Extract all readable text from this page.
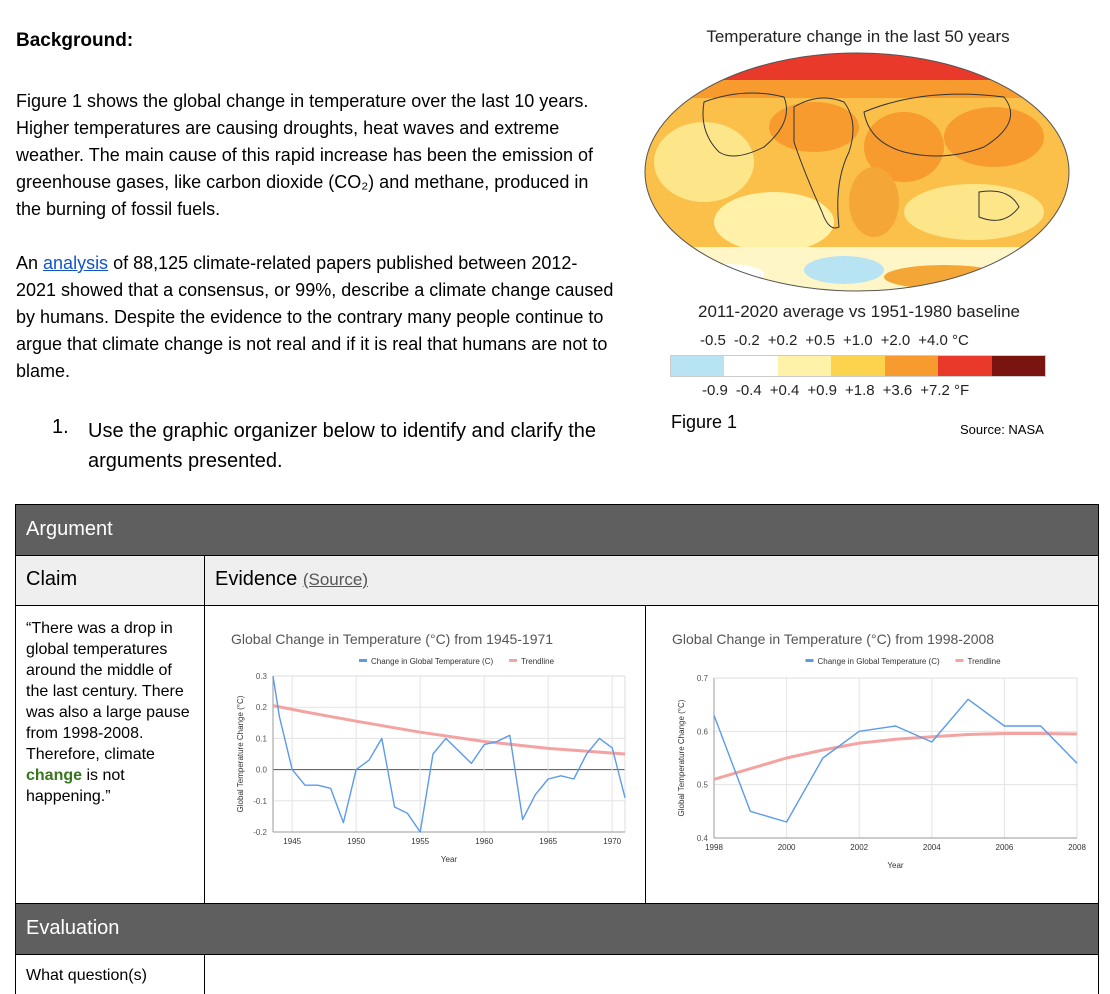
Background:
Figure 1 shows the global change in temperature over the last 10 years. Higher temperatures are causing droughts, heat waves and extreme weather. The main cause of this rapid increase has been the emission of greenhouse gases, like carbon dioxide (CO₂) and methane, produced in the burning of fossil fuels.
An analysis of 88,125 climate-related papers published between 2012-2021 showed that a consensus, or 99%, describe a climate change caused by humans. Despite the evidence to the contrary many people continue to argue that climate change is not real and if it is real that humans are not to blame.
1. Use the graphic organizer below to identify and clarify the arguments presented.
Temperature change in the last 50 years
2011-2020 average vs 1951-1980 baseline
-0.5 -0.2 +0.2 +0.5 +1.0 +2.0 +4.0 °C
-0.9 -0.4 +0.4 +0.9 +1.8 +3.6 +7.2 °F
Figure 1	Source: NASA
Argument
Claim	Evidence (Source)
“There was a drop in global temperatures around the middle of the last century. There was also a large pause from 1998-2008. Therefore, climate change is not happening.”
Global Change in Temperature (°C) from 1945-1971
Change in Global Temperature (C)	Trendline
-0.2
-0.1
0.0
0.1
0.2
0.3
1945	1950	1955	1960	1965	1970
Year
Global Temperature Change (°C)
Global Change in Temperature (°C) from 1998-2008
Change in Global Temperature (C)	Trendline
0.4
0.5
0.6
0.7
1998	2000	2002	2004	2006	2008
Year
Global Temperature Change (°C)
Evaluation
What question(s)
